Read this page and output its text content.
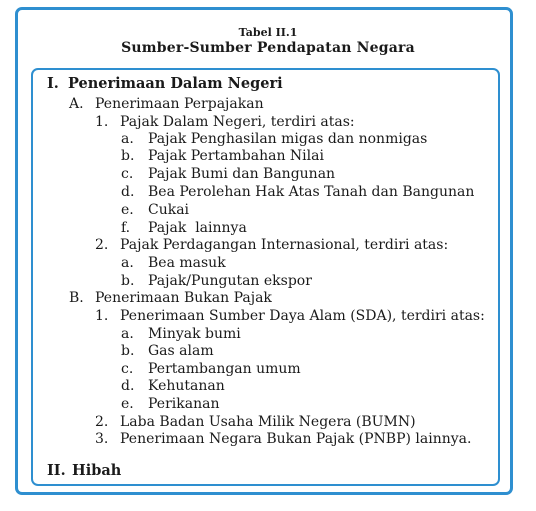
Tabel II.1
Sumber-Sumber Pendapatan Negara
I. Penerimaan Dalam Negeri
A. Penerimaan Perpajakan
1. Pajak Dalam Negeri, terdiri atas:
a. Pajak Penghasilan migas dan nonmigas
b. Pajak Pertambahan Nilai
c. Pajak Bumi dan Bangunan
d. Bea Perolehan Hak Atas Tanah dan Bangunan
e. Cukai
f. Pajak  lainnya
2. Pajak Perdagangan Internasional, terdiri atas:
a. Bea masuk
b. Pajak/Pungutan ekspor
B. Penerimaan Bukan Pajak
1. Penerimaan Sumber Daya Alam (SDA), terdiri atas:
a. Minyak bumi
b. Gas alam
c. Pertambangan umum
d. Kehutanan
e. Perikanan
2. Laba Badan Usaha Milik Negera (BUMN)
3. Penerimaan Negara Bukan Pajak (PNBP) lainnya.
II. Hibah
